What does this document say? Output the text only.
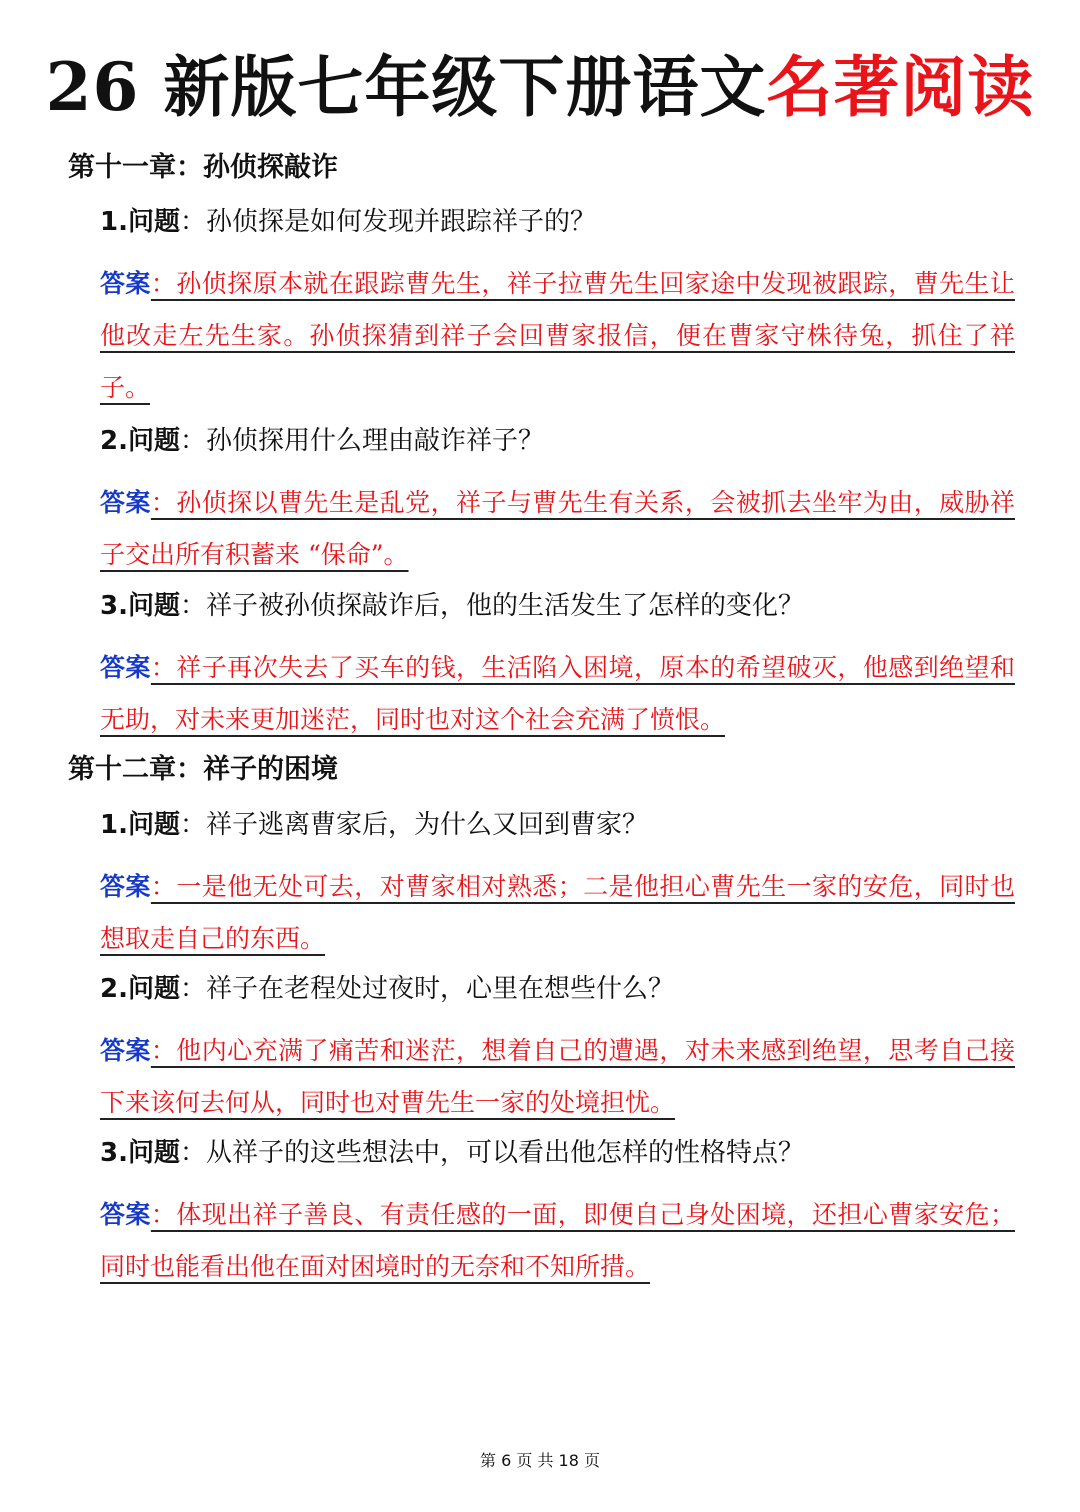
26 新版七年级下册语文名著阅读
第十一章：孙侦探敲诈
1.问题：孙侦探是如何发现并跟踪祥子的？
答案：孙侦探原本就在跟踪曹先生，祥子拉曹先生回家途中发现被跟踪，曹先生让他改走左先生家。孙侦探猜到祥子会回曹家报信，便在曹家守株待兔，抓住了祥子。
2.问题：孙侦探用什么理由敲诈祥子？
答案：孙侦探以曹先生是乱党，祥子与曹先生有关系，会被抓去坐牢为由，威胁祥子交出所有积蓄来 “保命”。
3.问题：祥子被孙侦探敲诈后，他的生活发生了怎样的变化？
答案：祥子再次失去了买车的钱，生活陷入困境，原本的希望破灭，他感到绝望和无助，对未来更加迷茫，同时也对这个社会充满了愤恨。
第十二章：祥子的困境
1.问题：祥子逃离曹家后，为什么又回到曹家？
答案：一是他无处可去，对曹家相对熟悉；二是他担心曹先生一家的安危，同时也想取走自己的东西。
2.问题：祥子在老程处过夜时，心里在想些什么？
答案：他内心充满了痛苦和迷茫，想着自己的遭遇，对未来感到绝望，思考自己接下来该何去何从，同时也对曹先生一家的处境担忧。
3.问题：从祥子的这些想法中，可以看出他怎样的性格特点？
答案：体现出祥子善良、有责任感的一面，即便自己身处困境，还担心曹家安危；同时也能看出他在面对困境时的无奈和不知所措。
第 6 页 共 18 页
